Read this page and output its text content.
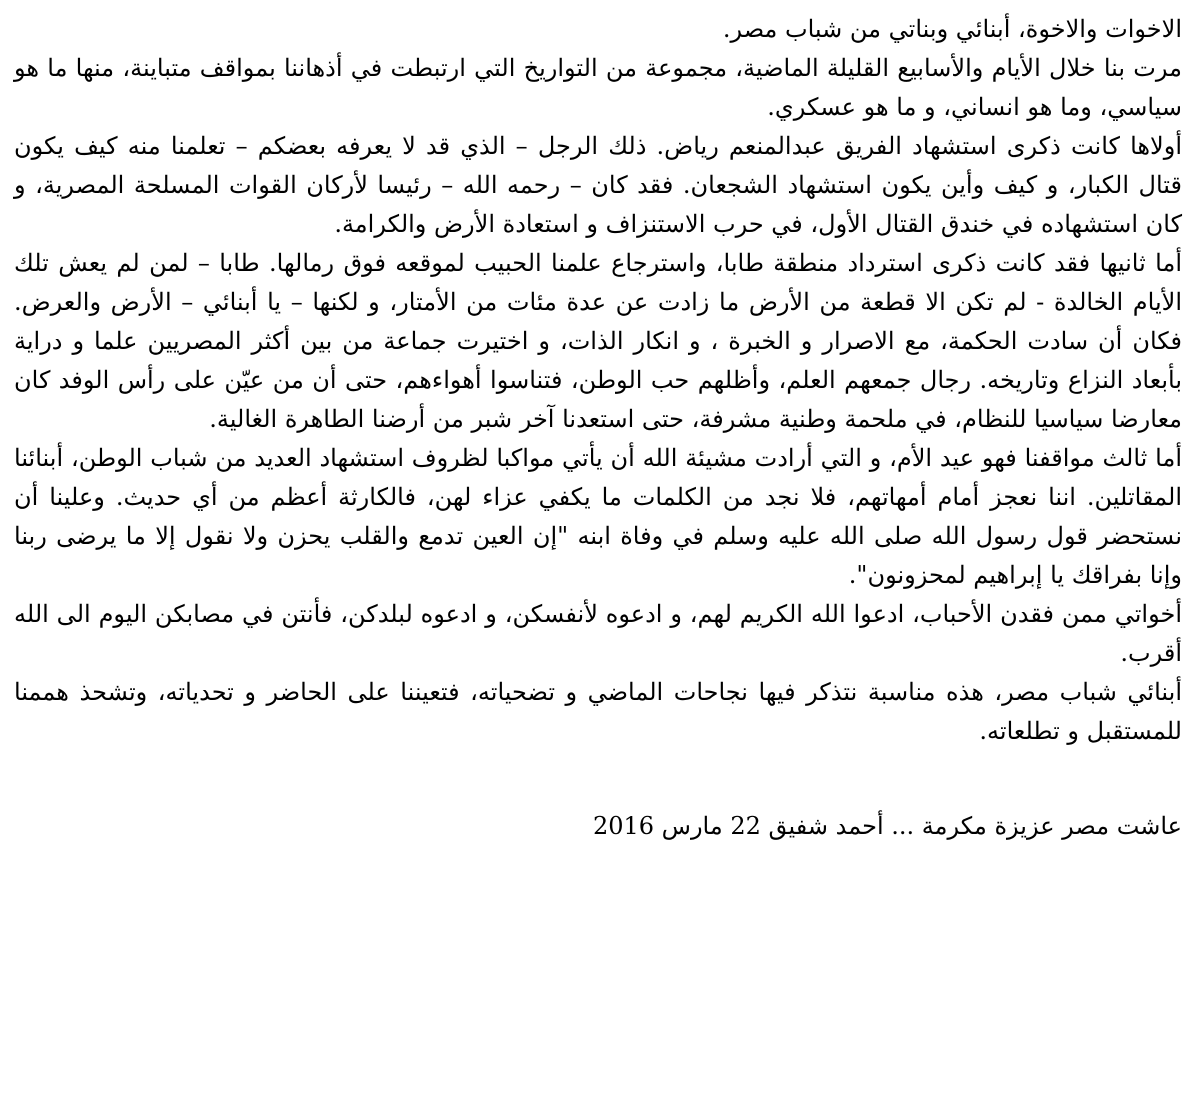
الاخوات والاخوة، أبنائي وبناتي من شباب مصر.

مرت بنا خلال الأيام والأسابيع القليلة الماضية، مجموعة من التواريخ التي ارتبطت في أذهاننا بمواقف متباينة، منها ما هو سياسي، وما هو انساني، و ما هو عسكري.

أولاها كانت ذكرى استشهاد الفريق عبدالمنعم رياض. ذلك الرجل – الذي قد لا يعرفه بعضكم – تعلمنا منه كيف يكون قتال الكبار، و كيف وأين يكون استشهاد الشجعان. فقد كان – رحمه الله – رئيسا لأركان القوات المسلحة المصرية، و كان استشهاده في خندق القتال الأول، في حرب الاستنزاف و استعادة الأرض والكرامة.

أما ثانيها فقد كانت ذكرى استرداد منطقة طابا، واسترجاع علمنا الحبيب لموقعه فوق رمالها. طابا – لمن لم يعش تلك الأيام الخالدة - لم تكن الا قطعة من الأرض ما زادت عن عدة مئات من الأمتار، و لكنها – يا أبنائي – الأرض والعرض. فكان أن سادت الحكمة، مع الاصرار و الخبرة ، و انكار الذات، و اختيرت جماعة من بين أكثر المصريين علما و دراية بأبعاد النزاع وتاريخه. رجال جمعهم العلم، وأظلهم حب الوطن، فتناسوا أهواءهم، حتى أن من عيّن على رأس الوفد كان معارضا سياسيا للنظام، في ملحمة وطنية مشرفة، حتى استعدنا آخر شبر من أرضنا الطاهرة الغالية.

أما ثالث مواقفنا فهو عيد الأم، و التي أرادت مشيئة الله أن يأتي مواكبا لظروف استشهاد العديد من شباب الوطن، أبنائنا المقاتلين. اننا نعجز أمام أمهاتهم، فلا نجد من الكلمات ما يكفي عزاء لهن، فالكارثة أعظم من أي حديث. وعلينا أن نستحضر قول رسول الله صلى الله عليه وسلم في وفاة ابنه "إن العين تدمع والقلب يحزن ولا نقول إلا ما يرضى ربنا وإنا بفراقك يا إبراهيم لمحزونون".

أخواتي ممن فقدن الأحباب، ادعوا الله الكريم لهم، و ادعوه لأنفسكن، و ادعوه لبلدكن، فأنتن في مصابكن اليوم الى الله أقرب.

أبنائي شباب مصر، هذه مناسبة نتذكر فيها نجاحات الماضي و تضحياته، فتعيننا على الحاضر و تحدياته، وتشحذ هممنا للمستقبل و تطلعاته.

عاشت مصر عزيزة مكرمة ... أحمد شفيق 22 مارس 2016
